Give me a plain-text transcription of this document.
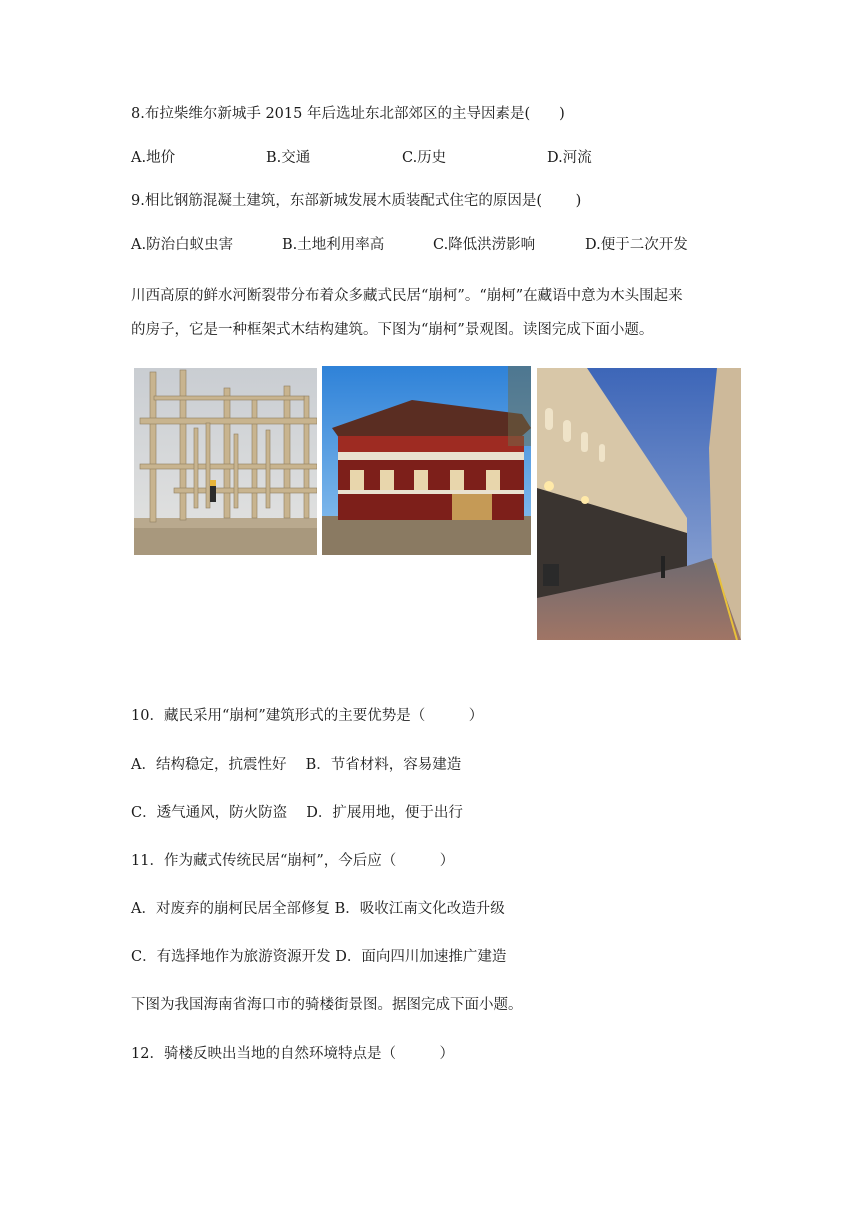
8.布拉柴维尔新城手 2015 年后选址东北部郊区的主导因素是(　　)
A.地价	B.交通	C.历史	D.河流
9.相比钢筋混凝土建筑，东部新城发展木质装配式住宅的原因是(　　 )
A.防治白蚁虫害	B.土地利用率高	C.降低洪涝影响	D.便于二次开发
川西高原的鲜水河断裂带分布着众多藏式民居“崩柯”。“崩柯”在藏语中意为木头围起来
的房子，它是一种框架式木结构建筑。下图为“崩柯”景观图。读图完成下面小题。
10．藏民采用“崩柯”建筑形式的主要优势是（　　　）
A．结构稳定，抗震性好　 B．节省材料，容易建造
C．透气通风，防火防盗　 D．扩展用地，便于出行
11．作为藏式传统民居“崩柯”，今后应（　　　）
A．对废弃的崩柯民居全部修复 B．吸收江南文化改造升级
C．有选择地作为旅游资源开发 D．面向四川加速推广建造
下图为我国海南省海口市的骑楼街景图。据图完成下面小题。
12．骑楼反映出当地的自然环境特点是（　　　）
